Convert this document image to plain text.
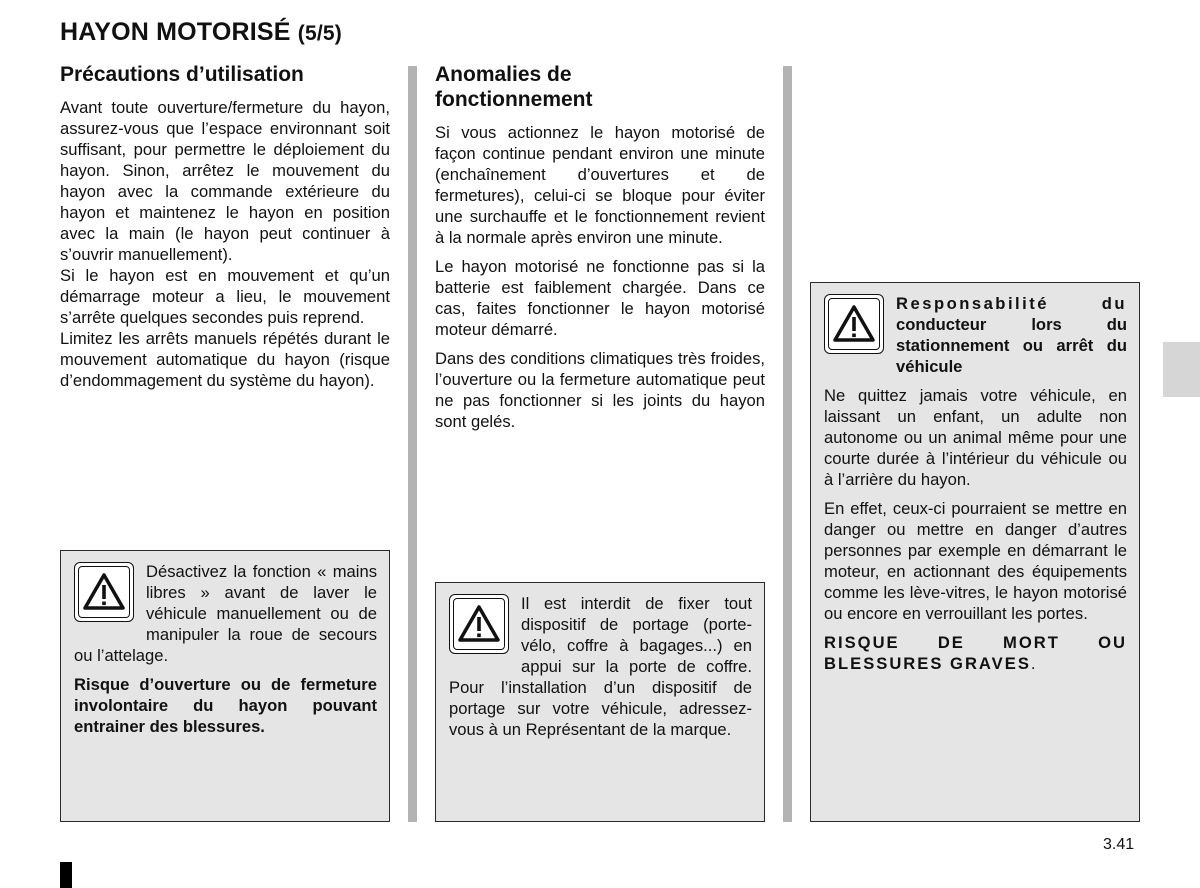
HAYON MOTORISÉ (5/5)
Précautions d’utilisation

Avant toute ouverture/fermeture du hayon, assurez-vous que l’espace environnant soit suffisant, pour permettre le déploiement du hayon. Sinon, arrêtez le mouvement du hayon avec la commande extérieure du hayon et maintenez le hayon en position avec la main (le hayon peut continuer à s’ouvrir manuellement).

Si le hayon est en mouvement et qu’un démarrage moteur a lieu, le mouvement s’arrête quelques secondes puis reprend.

Limitez les arrêts manuels répétés durant le mouvement automatique du hayon (risque d’endommagement du système du hayon).

Désactivez la fonction « mains libres » avant de laver le véhicule manuellement ou de manipuler la roue de secours ou l’attelage.

Risque d’ouverture ou de fermeture involontaire du hayon pouvant entrainer des blessures.

Anomalies de
fonctionnement

Si vous actionnez le hayon motorisé de façon continue pendant environ une minute (enchaînement d’ouvertures et de fermetures), celui-ci se bloque pour éviter une surchauffe et le fonctionnement revient à la normale après environ une minute.

Le hayon motorisé ne fonctionne pas si la batterie est faiblement chargée. Dans ce cas, faites fonctionner le hayon motorisé moteur démarré.

Dans des conditions climatiques très froides, l’ouverture ou la fermeture automatique peut ne pas fonctionner si les joints du hayon sont gelés.

Il est interdit de fixer tout dispositif de portage (porte-vélo, coffre à bagages...) en appui sur la porte de coffre. Pour l’installation d’un dispositif de portage sur votre véhicule, adressez-vous à un Représentant de la marque.

Responsabilité du conducteur lors du stationnement ou arrêt du véhicule

Ne quittez jamais votre véhicule, en laissant un enfant, un adulte non autonome ou un animal même pour une courte durée à l’intérieur du véhicule ou à l’arrière du hayon.

En effet, ceux-ci pourraient se mettre en danger ou mettre en danger d’autres personnes par exemple en démarrant le moteur, en actionnant des équipements comme les lève-vitres, le hayon motorisé ou encore en verrouillant les portes.

RISQUE DE MORT OU BLESSURES GRAVES.

3.41
